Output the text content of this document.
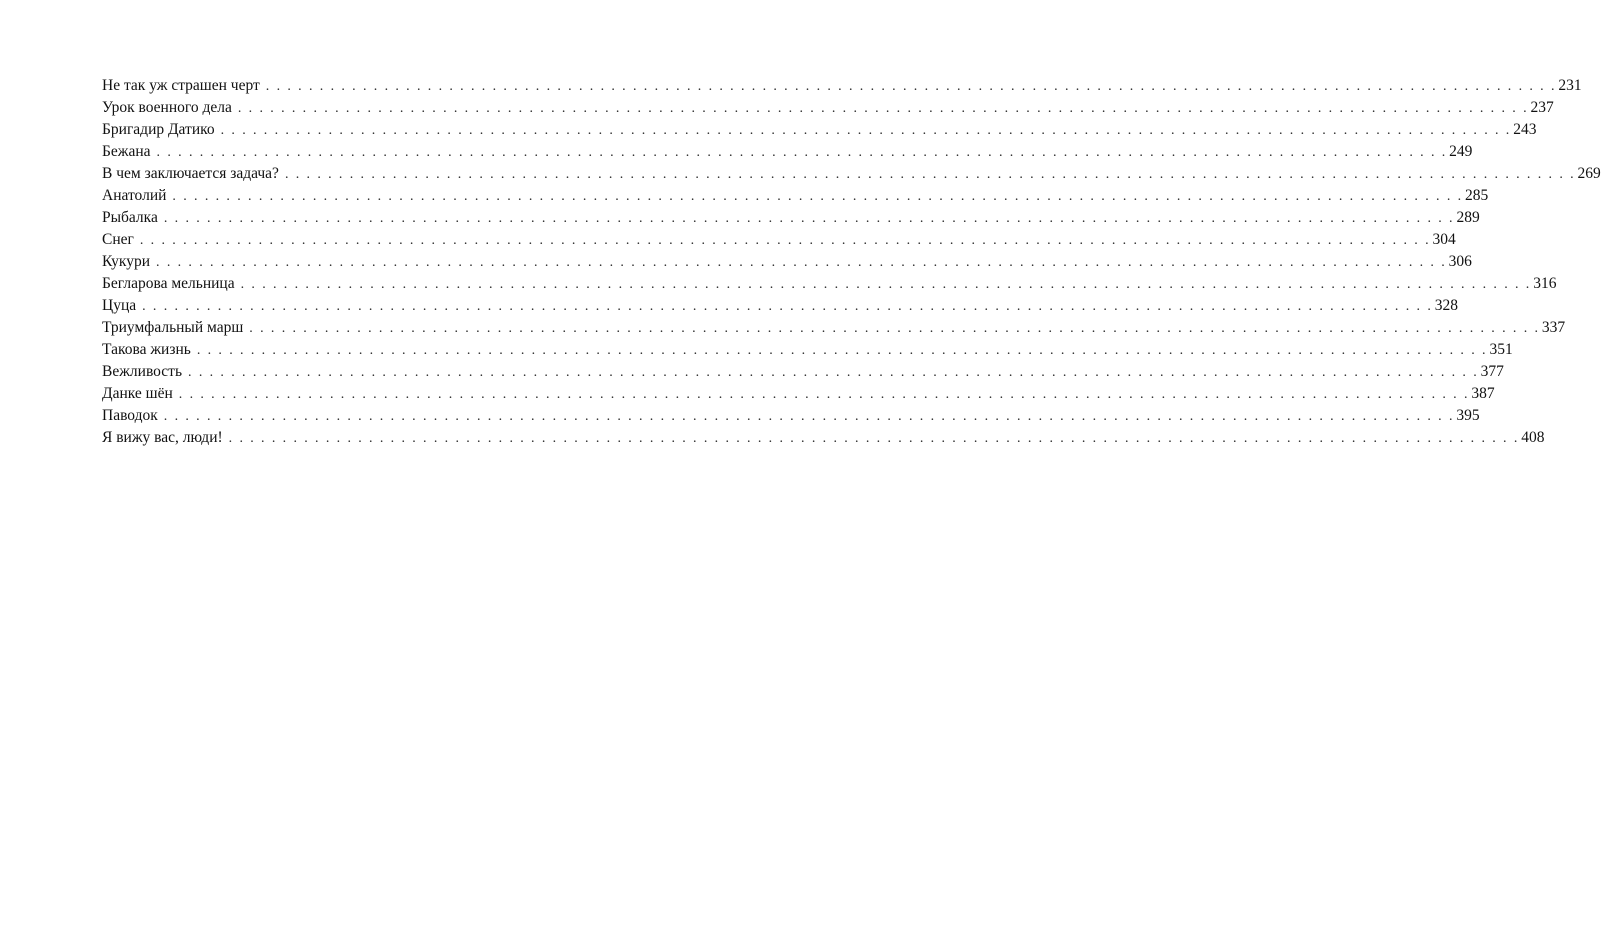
Не так уж страшен черт . . . . . . . . . . . . . . . . . . . . . . . . . . . . . . . . . . . . . . . . . . . . . . . . . . . . . . . . . . . . . . . . . . . . . . . . . . . . . . . . . . . . . . . . . . . . . . . . . . . . . . . . . . . . . . . . . . . . . . . . 231
Урок военного дела . . . . . . . . . . . . . . . . . . . . . . . . . . . . . . . . . . . . . . . . . . . . . . . . . . . . . . . . . . . . . . . . . . . . . . . . . . . . . . . . . . . . . . . . . . . . . . . . . . . . . . . . . . . . . . . . . . . . . . . . 237
Бригадир Датико . . . . . . . . . . . . . . . . . . . . . . . . . . . . . . . . . . . . . . . . . . . . . . . . . . . . . . . . . . . . . . . . . . . . . . . . . . . . . . . . . . . . . . . . . . . . . . . . . . . . . . . . . . . . . . . . . . . . . . . . 243
Бежана . . . . . . . . . . . . . . . . . . . . . . . . . . . . . . . . . . . . . . . . . . . . . . . . . . . . . . . . . . . . . . . . . . . . . . . . . . . . . . . . . . . . . . . . . . . . . . . . . . . . . . . . . . . . . . . . . . . . . . . . 249
В чем заключается задача? . . . . . . . . . . . . . . . . . . . . . . . . . . . . . . . . . . . . . . . . . . . . . . . . . . . . . . . . . . . . . . . . . . . . . . . . . . . . . . . . . . . . . . . . . . . . . . . . . . . . . . . . . . . . . . . . . . . . . . . . 269
Анатолий . . . . . . . . . . . . . . . . . . . . . . . . . . . . . . . . . . . . . . . . . . . . . . . . . . . . . . . . . . . . . . . . . . . . . . . . . . . . . . . . . . . . . . . . . . . . . . . . . . . . . . . . . . . . . . . . . . . . . . . . 285
Рыбалка . . . . . . . . . . . . . . . . . . . . . . . . . . . . . . . . . . . . . . . . . . . . . . . . . . . . . . . . . . . . . . . . . . . . . . . . . . . . . . . . . . . . . . . . . . . . . . . . . . . . . . . . . . . . . . . . . . . . . . . . 289
Снег . . . . . . . . . . . . . . . . . . . . . . . . . . . . . . . . . . . . . . . . . . . . . . . . . . . . . . . . . . . . . . . . . . . . . . . . . . . . . . . . . . . . . . . . . . . . . . . . . . . . . . . . . . . . . . . . . . . . . . . . 304
Кукури . . . . . . . . . . . . . . . . . . . . . . . . . . . . . . . . . . . . . . . . . . . . . . . . . . . . . . . . . . . . . . . . . . . . . . . . . . . . . . . . . . . . . . . . . . . . . . . . . . . . . . . . . . . . . . . . . . . . . . . . 306
Бегларова мельница . . . . . . . . . . . . . . . . . . . . . . . . . . . . . . . . . . . . . . . . . . . . . . . . . . . . . . . . . . . . . . . . . . . . . . . . . . . . . . . . . . . . . . . . . . . . . . . . . . . . . . . . . . . . . . . . . . . . . . . . 316
Цуца . . . . . . . . . . . . . . . . . . . . . . . . . . . . . . . . . . . . . . . . . . . . . . . . . . . . . . . . . . . . . . . . . . . . . . . . . . . . . . . . . . . . . . . . . . . . . . . . . . . . . . . . . . . . . . . . . . . . . . . . 328
Триумфальный марш . . . . . . . . . . . . . . . . . . . . . . . . . . . . . . . . . . . . . . . . . . . . . . . . . . . . . . . . . . . . . . . . . . . . . . . . . . . . . . . . . . . . . . . . . . . . . . . . . . . . . . . . . . . . . . . . . . . . . . . . 337
Такова жизнь . . . . . . . . . . . . . . . . . . . . . . . . . . . . . . . . . . . . . . . . . . . . . . . . . . . . . . . . . . . . . . . . . . . . . . . . . . . . . . . . . . . . . . . . . . . . . . . . . . . . . . . . . . . . . . . . . . . . . . . . 351
Вежливость . . . . . . . . . . . . . . . . . . . . . . . . . . . . . . . . . . . . . . . . . . . . . . . . . . . . . . . . . . . . . . . . . . . . . . . . . . . . . . . . . . . . . . . . . . . . . . . . . . . . . . . . . . . . . . . . . . . . . . . . 377
Данке шён . . . . . . . . . . . . . . . . . . . . . . . . . . . . . . . . . . . . . . . . . . . . . . . . . . . . . . . . . . . . . . . . . . . . . . . . . . . . . . . . . . . . . . . . . . . . . . . . . . . . . . . . . . . . . . . . . . . . . . . . 387
Паводок . . . . . . . . . . . . . . . . . . . . . . . . . . . . . . . . . . . . . . . . . . . . . . . . . . . . . . . . . . . . . . . . . . . . . . . . . . . . . . . . . . . . . . . . . . . . . . . . . . . . . . . . . . . . . . . . . . . . . . . . 395
Я вижу вас, люди! . . . . . . . . . . . . . . . . . . . . . . . . . . . . . . . . . . . . . . . . . . . . . . . . . . . . . . . . . . . . . . . . . . . . . . . . . . . . . . . . . . . . . . . . . . . . . . . . . . . . . . . . . . . . . . . . . . . . . . . . 408
